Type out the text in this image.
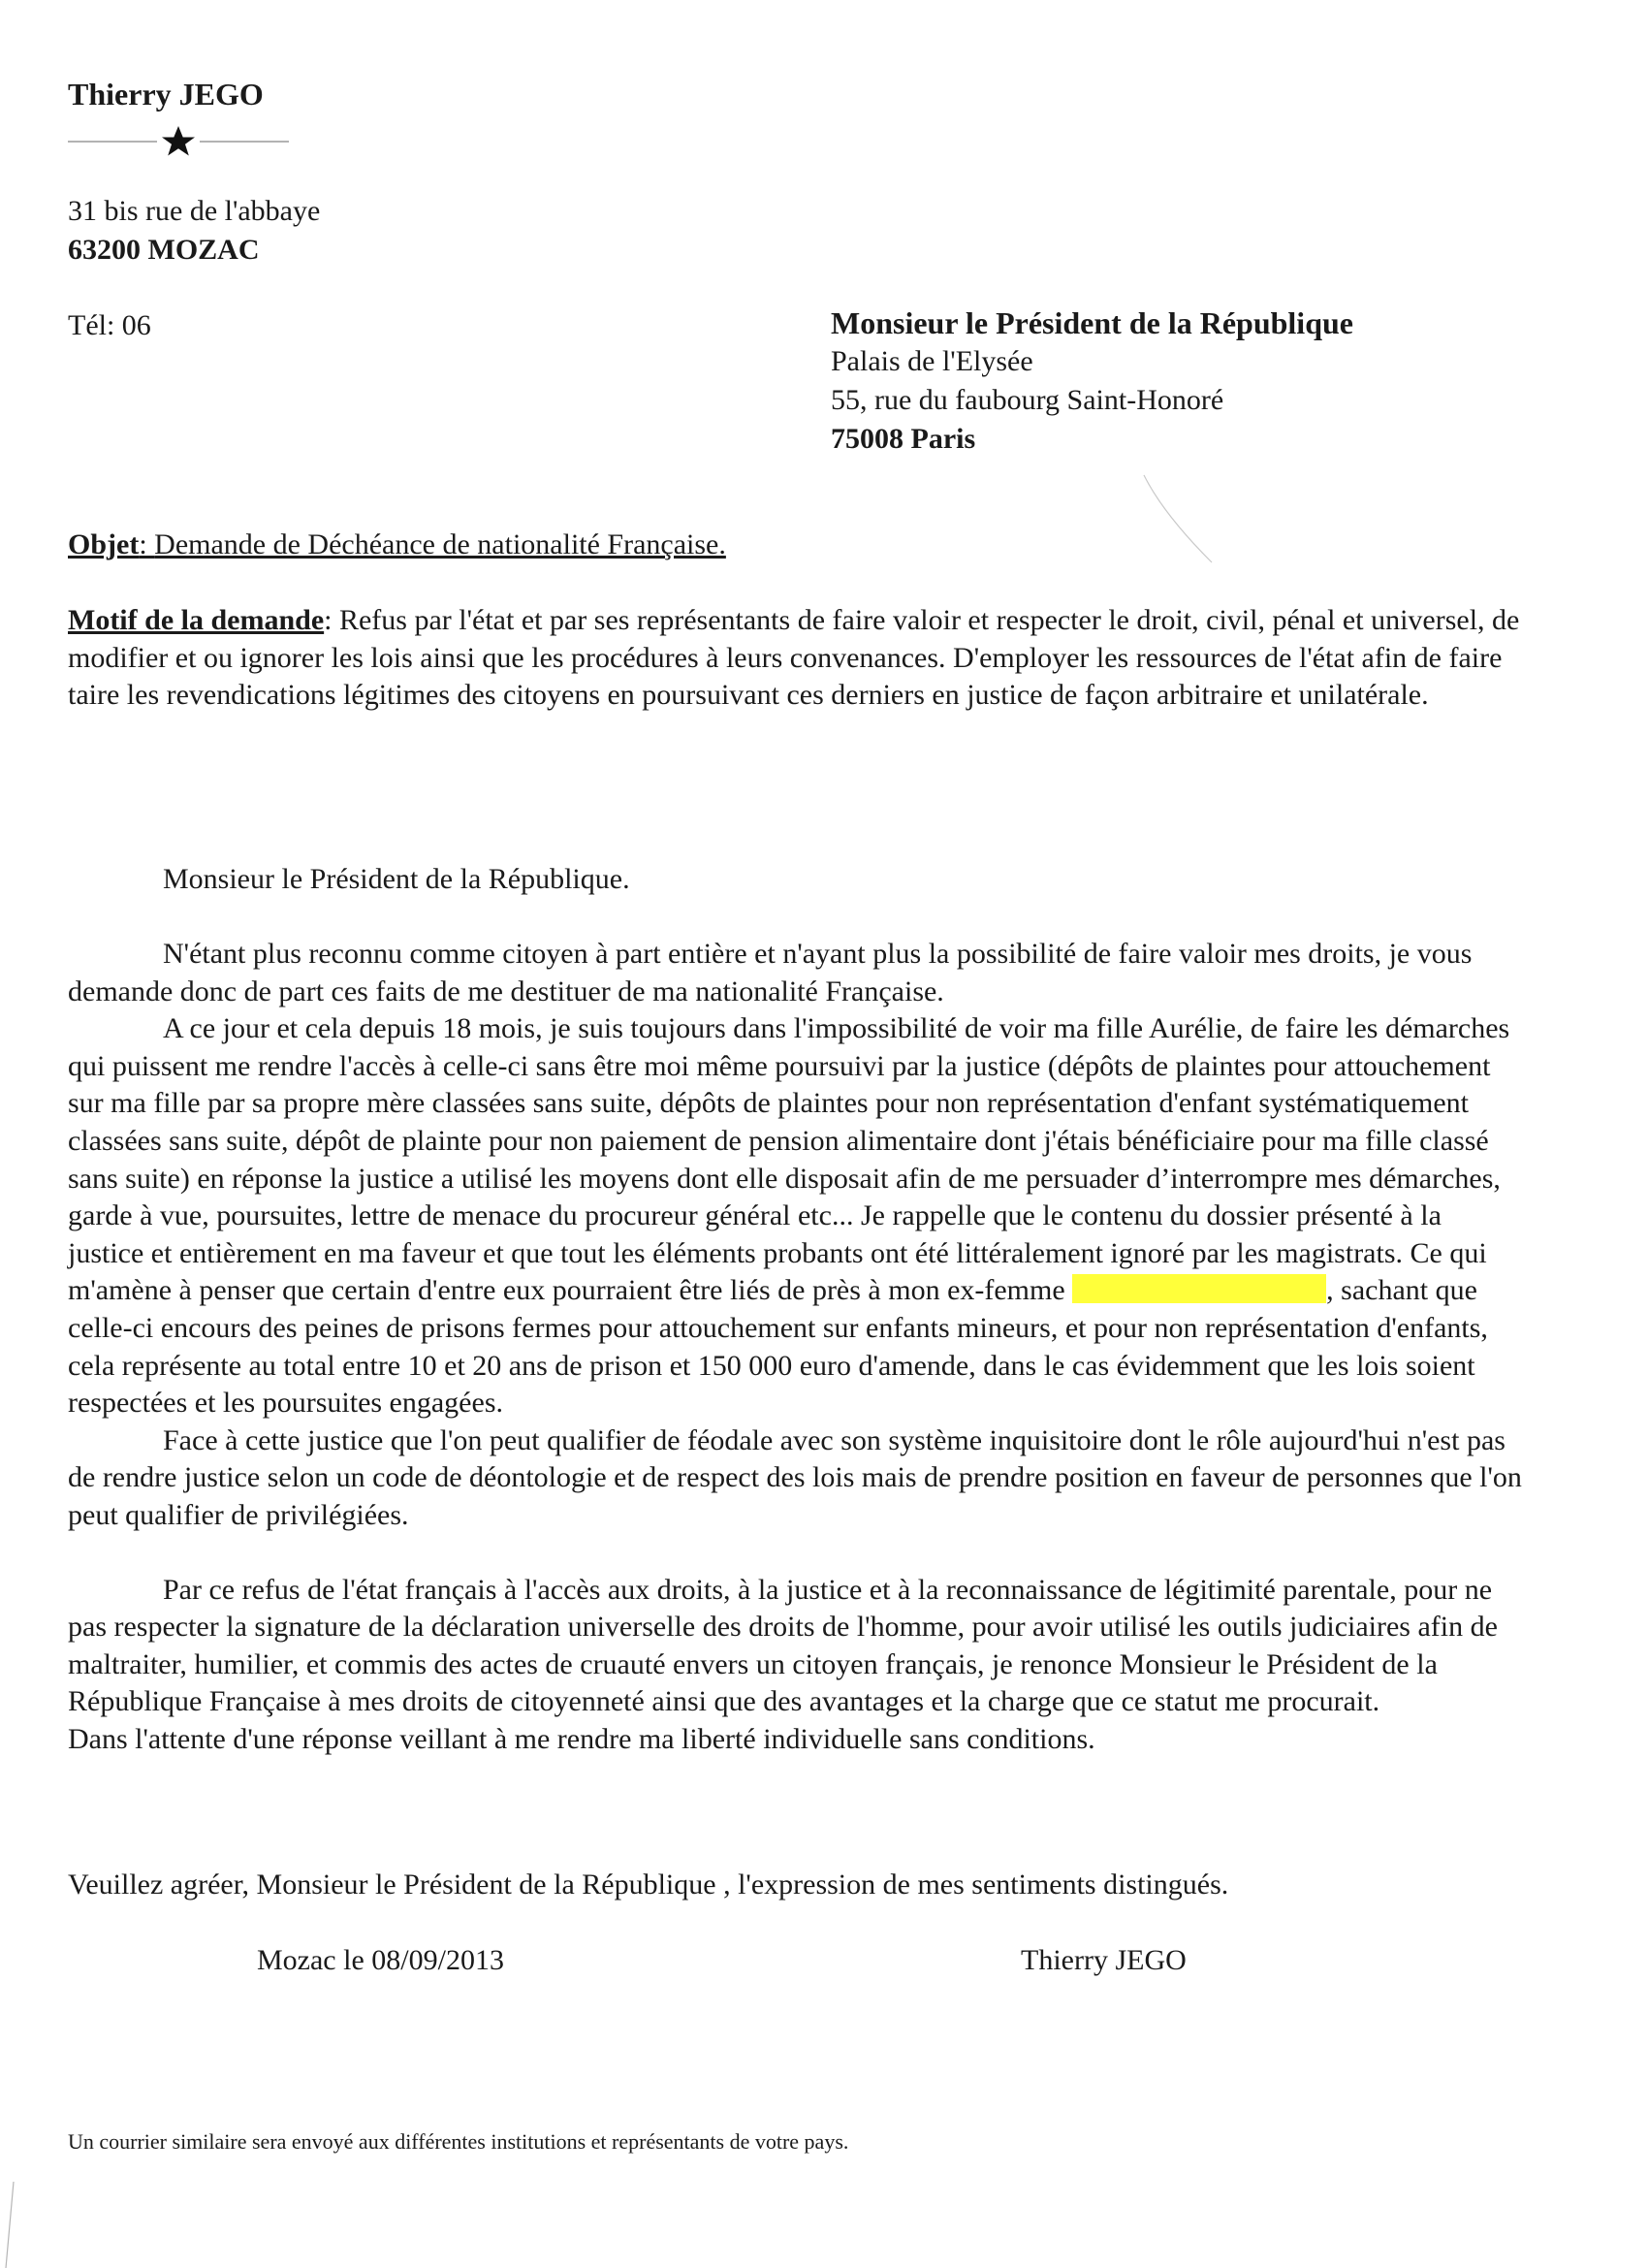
Thierry JEGO
31 bis rue de l'abbaye
63200 MOZAC
Tél: 06	Monsieur le Président de la République
Palais de l'Elysée
55, rue du faubourg Saint-Honoré
75008 Paris
Objet: Demande de Déchéance de nationalité Française.
Motif de la demande: Refus par l'état et par ses représentants de faire valoir et respecter le droit, civil, pénal et universel, de modifier et ou ignorer les lois ainsi que les procédures à leurs convenances. D'employer les ressources de l'état afin de faire taire les revendications légitimes des citoyens en poursuivant ces derniers en justice de façon arbitraire et unilatérale.
Monsieur le Président de la République.

N'étant plus reconnu comme citoyen à part entière et n'ayant plus la possibilité de faire valoir mes droits, je vous demande donc de part ces faits de me destituer de ma nationalité Française.

A ce jour et cela depuis 18 mois, je suis toujours dans l'impossibilité de voir ma fille Aurélie, de faire les démarches qui puissent me rendre l'accès à celle-ci sans être moi même poursuivi par la justice (dépôts de plaintes pour attouchement sur ma fille par sa propre mère classées sans suite, dépôts de plaintes pour non représentation d'enfant systématiquement classées sans suite, dépôt de plainte pour non paiement de pension alimentaire dont j'étais bénéficiaire pour ma fille classé sans suite) en réponse la justice a utilisé les moyens dont elle disposait afin de me persuader d’interrompre mes démarches, garde à vue, poursuites, lettre de menace du procureur général etc... Je rappelle que le contenu du dossier présenté à la justice et entièrement en ma faveur et que tout les éléments probants ont été littéralement ignoré par les magistrats. Ce qui m'amène à penser que certain d'entre eux pourraient être liés de près à mon ex-femme	, sachant que celle-ci encours des peines de prisons fermes pour attouchement sur enfants mineurs, et pour non représentation d'enfants, cela représente au total entre 10 et 20 ans de prison et 150 000 euro d'amende, dans le cas évidemment que les lois soient respectées et les poursuites engagées.

Face à cette justice que l'on peut qualifier de féodale avec son système inquisitoire dont le rôle aujourd'hui n'est pas de rendre justice selon un code de déontologie et de respect des lois mais de prendre position en faveur de personnes que l'on peut qualifier de privilégiées.

Par ce refus de l'état français à l'accès aux droits, à la justice et à la reconnaissance de légitimité parentale, pour ne pas respecter la signature de la déclaration universelle des droits de l'homme, pour avoir utilisé les outils judiciaires afin de maltraiter, humilier, et commis des actes de cruauté envers un citoyen français, je renonce Monsieur le Président de la République Française à mes droits de citoyenneté ainsi que des avantages et la charge que ce statut me procurait.

Dans l'attente d'une réponse veillant à me rendre ma liberté individuelle sans conditions.

Veuillez agréer, Monsieur le Président de la République , l'expression de mes sentiments distingués.
Mozac le 08/09/2013	Thierry JEGO
Un courrier similaire sera envoyé aux différentes institutions et représentants de votre pays.
